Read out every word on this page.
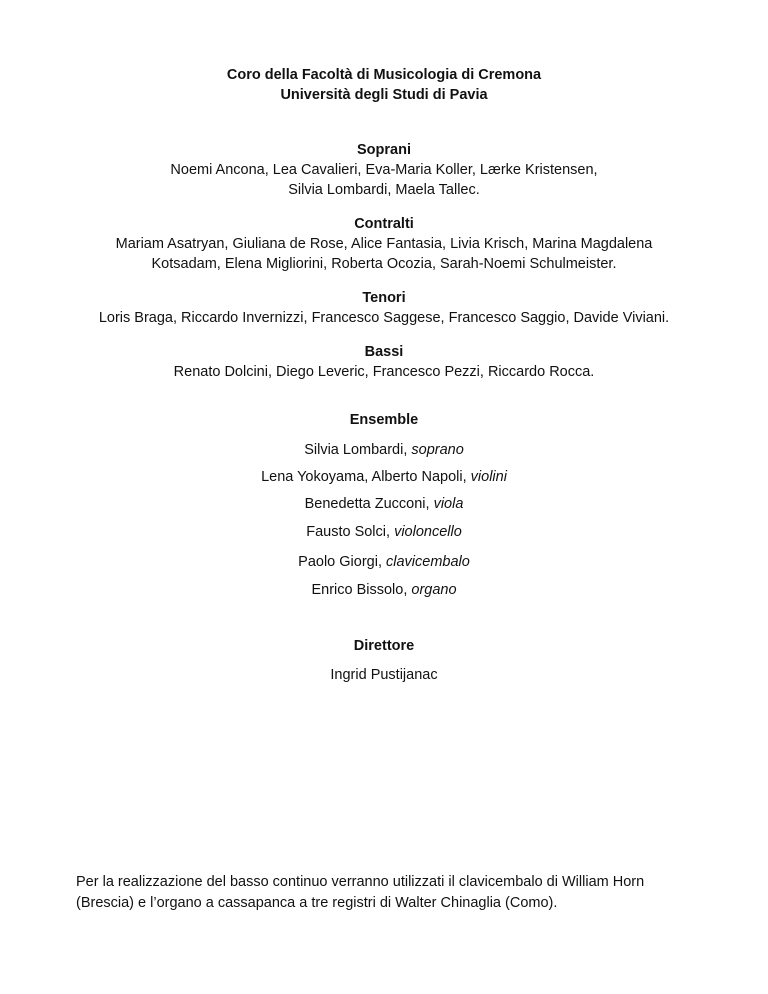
Coro della Facoltà di Musicologia di Cremona
Università degli Studi di Pavia
Soprani
Noemi Ancona, Lea Cavalieri, Eva-Maria Koller, Lærke Kristensen,
Silvia Lombardi, Maela Tallec.
Contralti
Mariam Asatryan, Giuliana de Rose, Alice Fantasia, Livia Krisch, Marina Magdalena
Kotsadam, Elena Migliorini, Roberta Ocozia, Sarah-Noemi Schulmeister.
Tenori
Loris Braga, Riccardo Invernizzi, Francesco Saggese, Francesco Saggio, Davide Viviani.
Bassi
Renato Dolcini, Diego Leveric, Francesco Pezzi, Riccardo Rocca.
Ensemble
Silvia Lombardi, soprano
Lena Yokoyama, Alberto Napoli, violini
Benedetta Zucconi, viola
Fausto Solci, violoncello
Paolo Giorgi, clavicembalo
Enrico Bissolo, organo
Direttore
Ingrid Pustijanac
Per la realizzazione del basso continuo verranno utilizzati il clavicembalo di William Horn
(Brescia) e l’organo a cassapanca a tre registri di Walter Chinaglia (Como).
